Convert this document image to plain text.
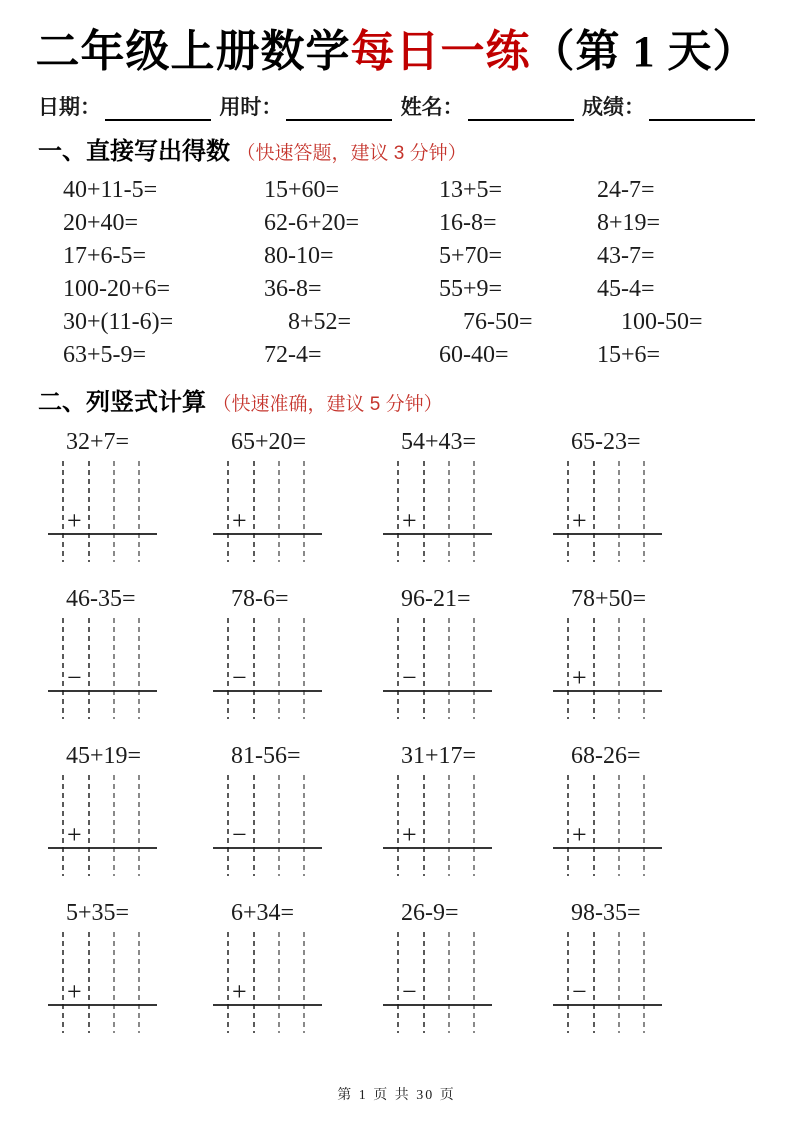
二年级上册数学每日一练（第 1 天）
日期：	用时：	姓名：	成绩：
一、直接写出得数 （快速答题，建议 3 分钟）
40+11-5=	15+60=	13+5=	24-7=
20+40=	62-6+20=	16-8=	8+19=
17+6-5=	80-10=	5+70=	43-7=
100-20+6=	36-8=	55+9=	45-4=
30+(11-6)=	8+52=	76-50=	100-50=
63+5-9=	72-4=	60-40=	15+6=
二、列竖式计算 （快速准确，建议 5 分钟）
32+7=
+
65+20=
+
54+43=
+
65-23=
+
46-35=
−
78-6=
−
96-21=
−
78+50=
+
45+19=
+
81-56=
−
31+17=
+
68-26=
+
5+35=
+
6+34=
+
26-9=
−
98-35=
−
第 1 页 共 30 页
